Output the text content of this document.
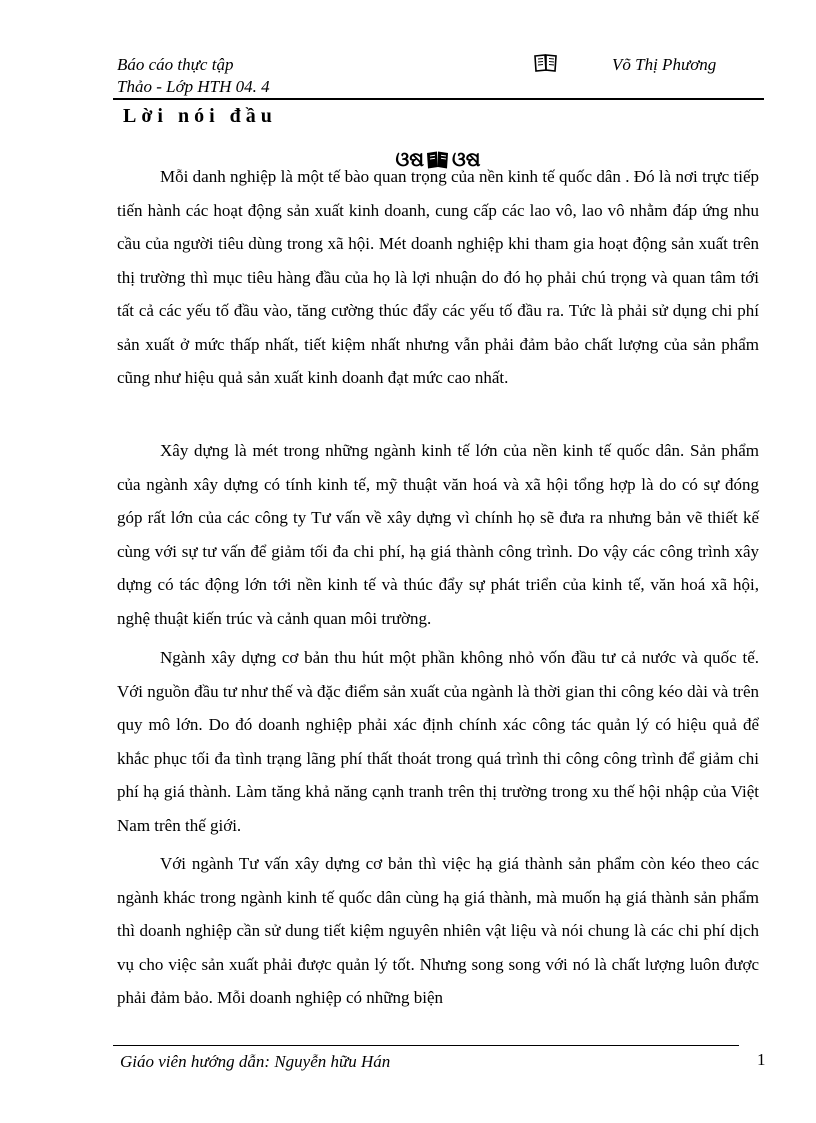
Báo cáo thực tập
Thảo - Lớp HTH 04. 4
Võ Thị Phương
Lời nói đầu
ଓଷ ଓଷ

Mỗi danh nghiệp là một tế bào quan trọng của nền kinh tế quốc dân . Đó là nơi trực tiếp tiến hành các hoạt động sản xuất kinh doanh, cung cấp các lao vô, lao vô nhằm đáp ứng nhu cầu của người tiêu dùng trong xã hội. Mét doanh nghiệp khi tham gia hoạt động sản xuất trên thị trường thì mục tiêu hàng đầu của họ là lợi nhuận do đó họ phải chú trọng và quan tâm tới tất cả các yếu tố đầu vào, tăng cường thúc đẩy các yếu tố đầu ra. Tức là phải sử dụng chi phí sản xuất ở mức thấp nhất, tiết kiệm nhất nhưng vẫn phải đảm bảo chất lượng của sản phẩm cũng như hiệu quả sản xuất kinh doanh đạt mức cao nhất.

Xây dựng là mét trong những ngành kinh tế lớn của nền kinh tế quốc dân. Sản phẩm của ngành xây dựng có tính kinh tế, mỹ thuật văn hoá và xã hội tổng hợp là do có sự đóng góp rất lớn của các công ty Tư vấn về xây dựng vì chính họ sẽ đưa ra nhưng bản vẽ thiết kế cùng với sự tư vấn để giảm tối đa chi phí, hạ giá thành công trình. Do vậy các công trình xây dựng có tác động lớn tới nền kinh tế và thúc đẩy sự phát triển của kinh tế, văn hoá xã hội, nghệ thuật kiến trúc và cảnh quan môi trường.

Ngành xây dựng cơ bản thu hút một phần không nhỏ vốn đầu tư cả nước và quốc tế. Với nguồn đầu tư như thế và đặc điểm sản xuất của ngành là thời gian thi công kéo dài và trên quy mô lớn. Do đó doanh nghiệp phải xác định chính xác công tác quản lý có hiệu quả để khắc phục tối đa tình trạng lãng phí thất thoát trong quá trình thi công công trình để giảm chi phí hạ giá thành. Làm tăng khả năng cạnh tranh trên thị trường trong xu thế hội nhập của Việt Nam trên thế giới.

Với ngành Tư vấn xây dựng cơ bản thì việc hạ giá thành sản phẩm còn kéo theo các ngành khác trong ngành kinh tế quốc dân cùng hạ giá thành, mà muốn hạ giá thành sản phẩm thì doanh nghiệp cần sử dung tiết kiệm nguyên nhiên vật liệu và nói chung là các chi phí dịch vụ cho việc sản xuất phải được quản lý tốt. Nhưng song song với nó là chất lượng luôn được phải đảm bảo. Mỗi doanh nghiệp có những biện

Giáo viên hướng dẫn: Nguyễn hữu Hán	1
